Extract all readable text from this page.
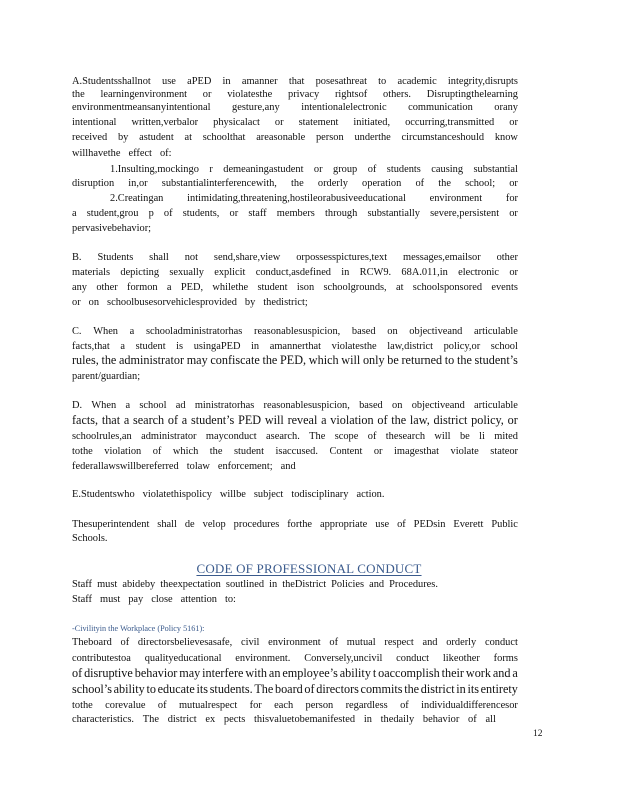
A.Studentsshallnot use aPED in amanner that posesathreat to academic integrity,disrupts
the learningenvironment or violatesthe privacy rightsof others. Disruptingthelearning
environmentmeansanyintentional gesture,any intentionalelectronic communication orany
intentional written,verbalor physicalact or statement initiated, occurring,transmitted or
received by astudent at schoolthat areasonable person underthe circumstanceshould know
willhavethe effect of:
1.Insulting,mockingo r demeaningastudent or group of students causing substantial
disruption in,or substantialinterferencewith, the orderly operation of the school; or
2.Creatingan intimidating,threatening,hostileorabusiveeducational environment for
a student,grou p of students, or staff members through substantially severe,persistent or
pervasivebehavior;
B. Students shall not send,share,view orpossesspictures,text messages,emailsor other
materials depicting sexually explicit conduct,asdefined in RCW9. 68A.011,in electronic or
any other formon a PED, whilethe student ison schoolgrounds, at schoolsponsored events
or on schoolbusesorvehiclesprovided by thedistrict;
C. When a schooladministratorhas reasonablesuspicion, based on objectiveand articulable
facts,that a student is usingaPED in amannerthat violatesthe law,district policy,or school
rules, the administrator may confiscate the PED, which will only be returned to the student’s
parent/guardian;
D. When a school ad ministratorhas reasonablesuspicion, based on objectiveand articulable
facts, that a search of a student’s PED will reveal a violation of the law, district policy, or
schoolrules,an administrator mayconduct asearch. The scope of thesearch will be li mited
tothe violation of which the student isaccused. Content or imagesthat violate stateor
federallawswillbereferred tolaw enforcement; and
E.Studentswho violatethispolicy willbe subject todisciplinary action.
Thesuperintendent shall de velop procedures forthe appropriate use of PEDsin Everett Public
Schools.
CODE OF PROFESSIONAL CONDUCT
Staff must abideby theexpectation soutlined in theDistrict Policies and Procedures.
Staff must pay close attention to:
-Civilityin the Workplace (Policy 5161):
Theboard of directorsbelievesasafe, civil environment of mutual respect and orderly conduct
contributestoa qualityeducational environment. Conversely,uncivil conduct likeother forms
of disruptive behavior may interfere with an employee’s ability t oaccomplish their work and a
school’s ability to educate its students. The board of directors commits the district in its entirety
tothe corevalue of mutualrespect for each person regardless of individualdifferencesor
characteristics. The district ex pects thisvaluetobemanifested in thedaily behavior of all
12
